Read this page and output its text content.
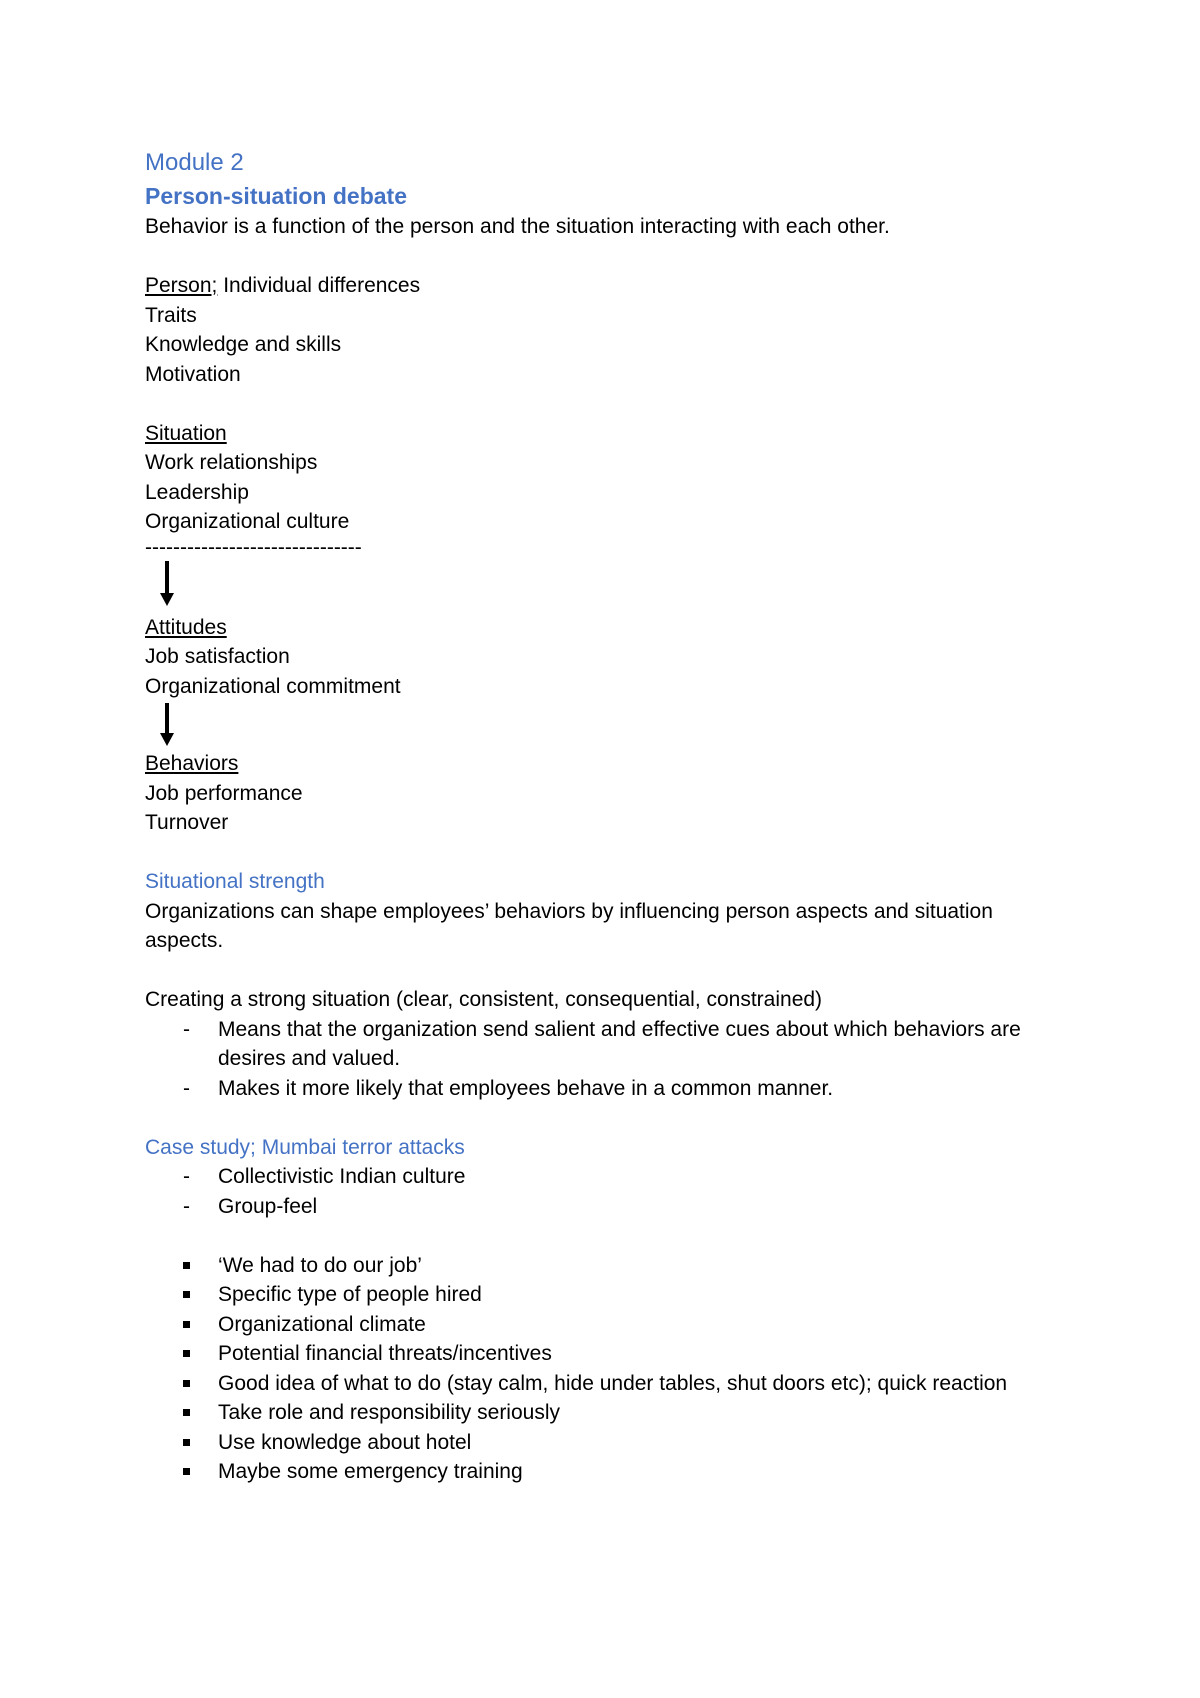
Module 2
Person-situation debate
Behavior is a function of the person and the situation interacting with each other.
Person; Individual differences
Traits
Knowledge and skills
Motivation
Situation
Work relationships
Leadership
Organizational culture
-------------------------------
Attitudes
Job satisfaction
Organizational commitment
Behaviors
Job performance
Turnover
Situational strength
Organizations can shape employees’ behaviors by influencing person aspects and situation aspects.
Creating a strong situation (clear, consistent, consequential, constrained)
- Means that the organization send salient and effective cues about which behaviors are desires and valued.
- Makes it more likely that employees behave in a common manner.
Case study; Mumbai terror attacks
- Collectivistic Indian culture
- Group-feel
‘We had to do our job’
Specific type of people hired
Organizational climate
Potential financial threats/incentives
Good idea of what to do (stay calm, hide under tables, shut doors etc); quick reaction
Take role and responsibility seriously
Use knowledge about hotel
Maybe some emergency training
